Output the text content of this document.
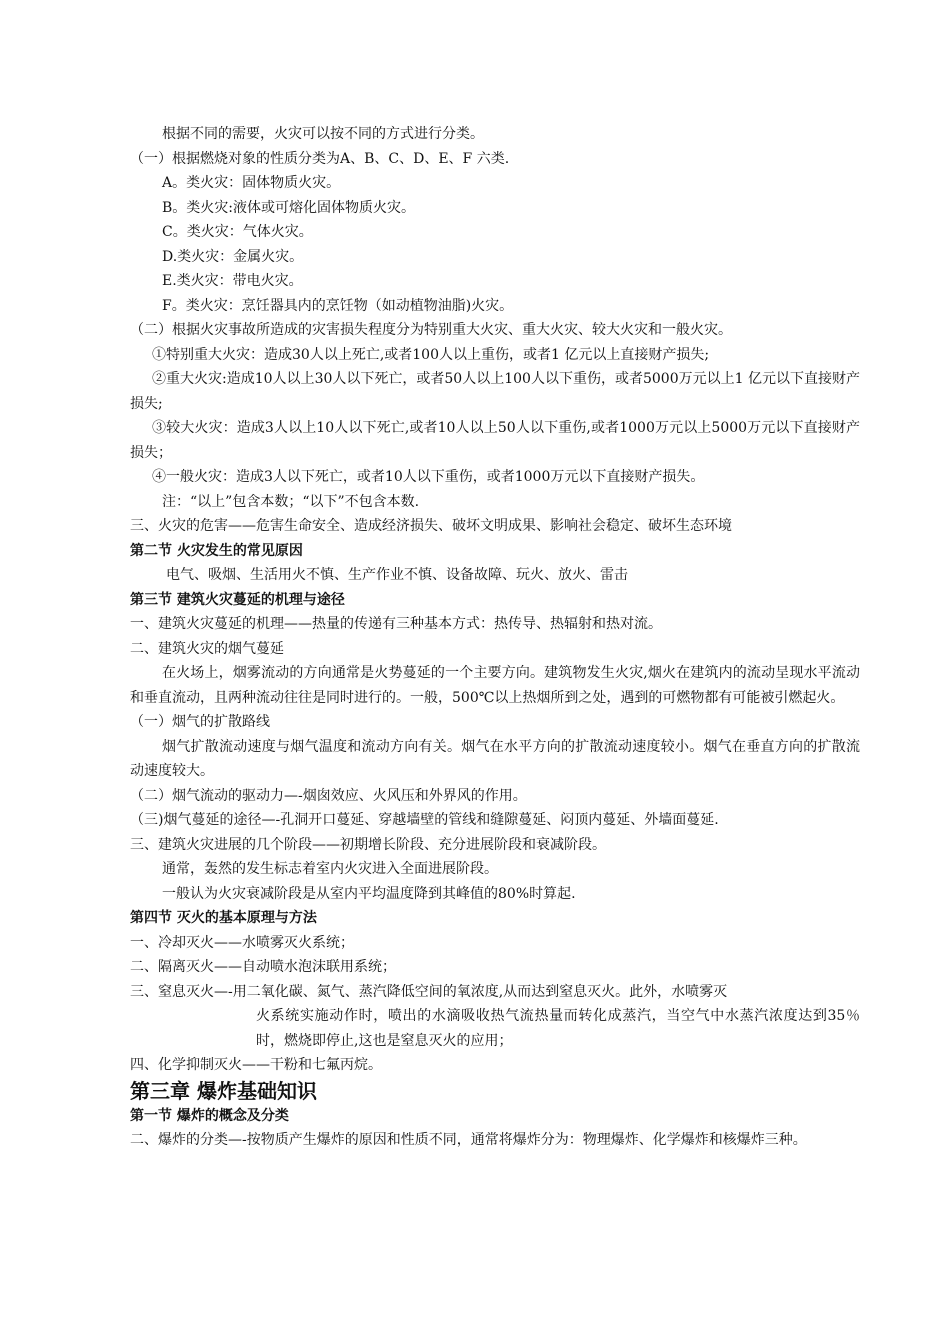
根据不同的需要，火灾可以按不同的方式进行分类。
（一）根据燃烧对象的性质分类为A、B、C、D、E、F 六类.
A。类火灾：固体物质火灾。
B。类火灾:液体或可熔化固体物质火灾。
C。类火灾：气体火灾。
D.类火灾：金属火灾。
E.类火灾：带电火灾。
F。类火灾：烹饪器具内的烹饪物（如动植物油脂)火灾。
（二）根据火灾事故所造成的灾害损失程度分为特别重大火灾、重大火灾、较大火灾和一般火灾。
①特别重大火灾：造成30人以上死亡,或者100人以上重伤，或者1 亿元以上直接财产损失;
②重大火灾:造成10人以上30人以下死亡，或者50人以上100人以下重伤，或者5000万元以上1 亿元以下直接财产损失;
③较大火灾：造成3人以上10人以下死亡,或者10人以上50人以下重伤,或者1000万元以上5000万元以下直接财产损失；
④一般火灾：造成3人以下死亡，或者10人以下重伤，或者1000万元以下直接财产损失。
注：“以上”包含本数；“以下”不包含本数.
三、火灾的危害——危害生命安全、造成经济损失、破坏文明成果、影响社会稳定、破坏生态环境
第二节 火灾发生的常见原因
电气、吸烟、生活用火不慎、生产作业不慎、设备故障、玩火、放火、雷击
第三节 建筑火灾蔓延的机理与途径
一、建筑火灾蔓延的机理——热量的传递有三种基本方式：热传导、热辐射和热对流。
二、建筑火灾的烟气蔓延
在火场上，烟雾流动的方向通常是火势蔓延的一个主要方向。建筑物发生火灾,烟火在建筑内的流动呈现水平流动和垂直流动，且两种流动往往是同时进行的。一般，500℃以上热烟所到之处，遇到的可燃物都有可能被引燃起火。
（一）烟气的扩散路线
烟气扩散流动速度与烟气温度和流动方向有关。烟气在水平方向的扩散流动速度较小。烟气在垂直方向的扩散流动速度较大。
（二）烟气流动的驱动力—-烟囱效应、火风压和外界风的作用。
（三)烟气蔓延的途径—-孔洞开口蔓延、穿越墙壁的管线和缝隙蔓延、闷顶内蔓延、外墙面蔓延.
三、建筑火灾进展的几个阶段——初期增长阶段、充分进展阶段和衰减阶段。
通常，轰然的发生标志着室内火灾进入全面进展阶段。
一般认为火灾衰减阶段是从室内平均温度降到其峰值的80%时算起.
第四节 灭火的基本原理与方法
一、冷却灭火——水喷雾灭火系统；
二、隔离灭火——自动喷水泡沫联用系统；
三、窒息灭火—-用二氧化碳、氮气、蒸汽降低空间的氧浓度,从而达到窒息灭火。此外，水喷雾灭
火系统实施动作时，喷出的水滴吸收热气流热量而转化成蒸汽，当空气中水蒸汽浓度达到35％时，燃烧即停止,这也是窒息灭火的应用；
四、化学抑制灭火——干粉和七氟丙烷。
第三章 爆炸基础知识
第一节 爆炸的概念及分类
二、爆炸的分类—-按物质产生爆炸的原因和性质不同，通常将爆炸分为：物理爆炸、化学爆炸和核爆炸三种。
